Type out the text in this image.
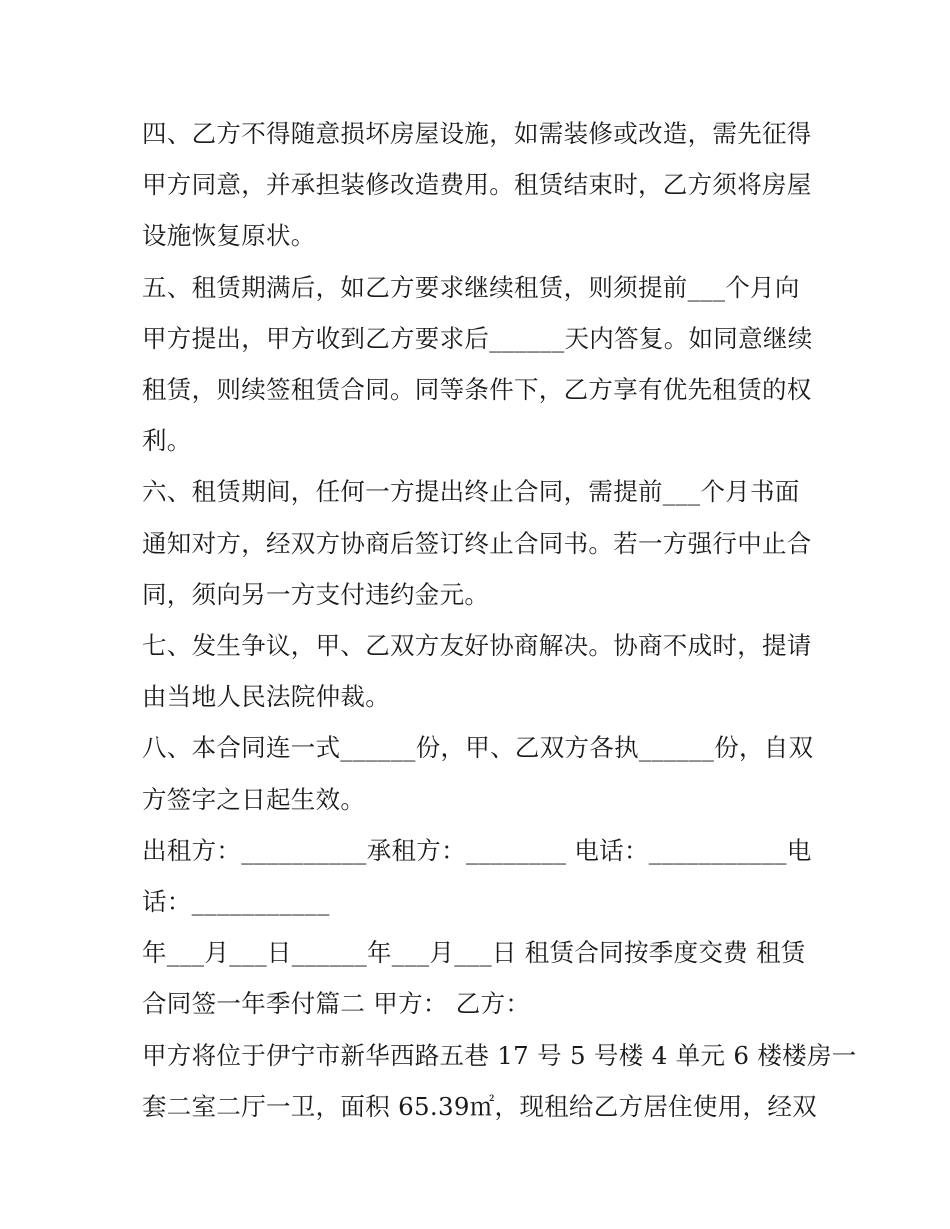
四、乙方不得随意损坏房屋设施，如需装修或改造，需先征得

甲方同意，并承担装修改造费用。租赁结束时，乙方须将房屋

设施恢复原状。

五、租赁期满后，如乙方要求继续租赁，则须提前___个月向

甲方提出，甲方收到乙方要求后______天内答复。如同意继续

租赁，则续签租赁合同。同等条件下，乙方享有优先租赁的权

利。

六、租赁期间，任何一方提出终止合同，需提前___个月书面

通知对方，经双方协商后签订终止合同书。若一方强行中止合

同，须向另一方支付违约金元。

七、发生争议，甲、乙双方友好协商解决。协商不成时，提请

由当地人民法院仲裁。

八、本合同连一式______份，甲、乙双方各执______份，自双

方签字之日起生效。

出租方：__________承租方：________ 电话：___________电

话：___________

年___月___日______年___月___日 租赁合同按季度交费 租赁

合同签一年季付篇二 甲方： 乙方：

甲方将位于伊宁市新华西路五巷 17 号 5 号楼 4 单元 6 楼楼房一

套二室二厅一卫，面积 65.39㎡，现租给乙方居住使用，经双
